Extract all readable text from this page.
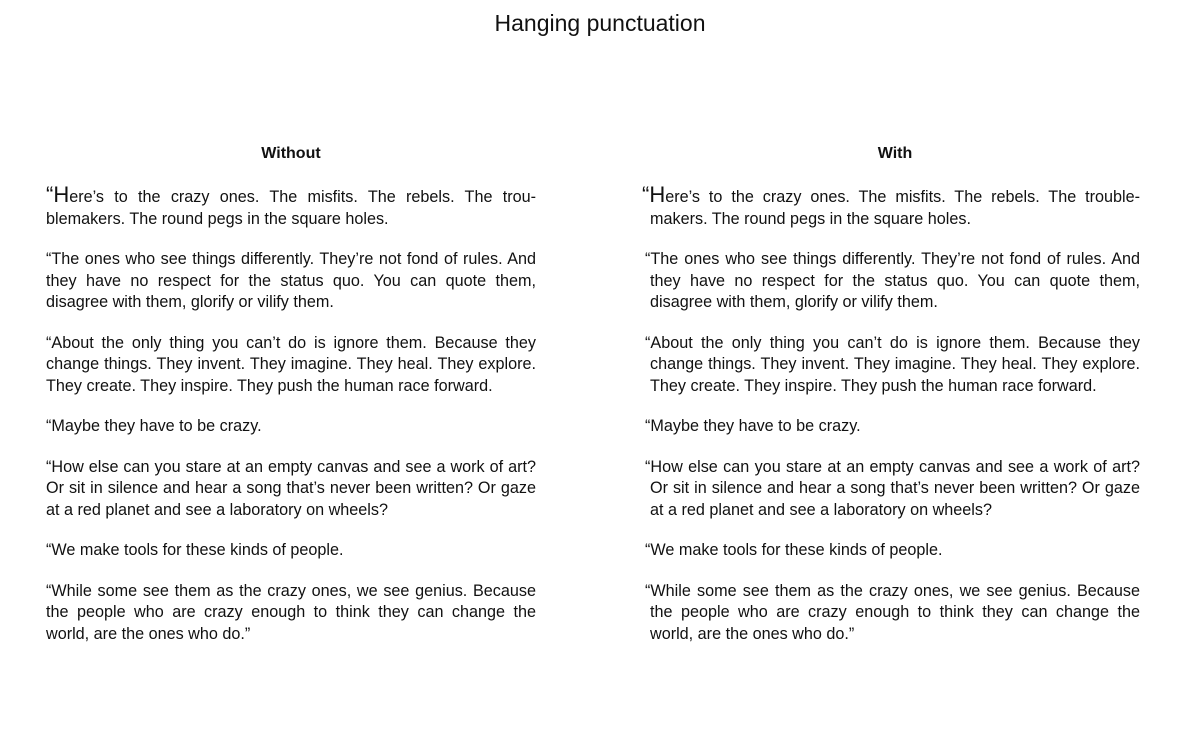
Hanging punctuation
Without

“Here’s to the crazy ones. The misfits. The rebels. The troublemakers. The round pegs in the square holes.

“The ones who see things differently. They’re not fond of rules. And they have no respect for the status quo. You can quote them, disagree with them, glorify or vilify them.

“About the only thing you can’t do is ignore them. Because they change things. They invent. They imagine. They heal. They explore. They create. They inspire. They push the human race forward.

“Maybe they have to be crazy.

“How else can you stare at an empty canvas and see a work of art? Or sit in silence and hear a song that’s never been written? Or gaze at a red planet and see a laboratory on wheels?

“We make tools for these kinds of people.

“While some see them as the crazy ones, we see genius. Because the people who are crazy enough to think they can change the world, are the ones who do.”

With

“Here’s to the crazy ones. The misfits. The rebels. The troublemakers. The round pegs in the square holes.

“The ones who see things differently. They’re not fond of rules. And they have no respect for the status quo. You can quote them, disagree with them, glorify or vilify them.

“About the only thing you can’t do is ignore them. Because they change things. They invent. They imagine. They heal. They explore. They create. They inspire. They push the human race forward.

“Maybe they have to be crazy.

“How else can you stare at an empty canvas and see a work of art? Or sit in silence and hear a song that’s never been written? Or gaze at a red planet and see a laboratory on wheels?

“We make tools for these kinds of people.

“While some see them as the crazy ones, we see genius. Because the people who are crazy enough to think they can change the world, are the ones who do.”
